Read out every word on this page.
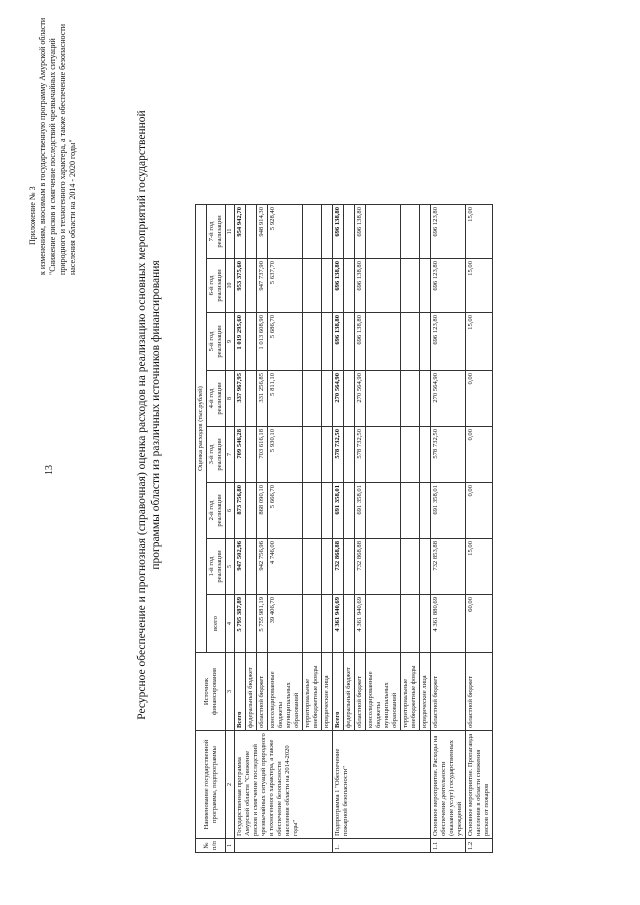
13
Приложение № 3 к изменениям, вносимым в государственную программу Амурской области "Снижение рисков и смягчение последствий чрезвычайных ситуаций природного и техногенного характера, а также обеспечение безопасности населения области на 2014 - 2020 годы"	Ресурсное обеспечение и прогнозная (справочная) оценка расходов на реализацию основных мероприятий государственной программы области из различных источников финансирования
№ п/п	Наименование государственной программы, подпрограммы	Источник финансирования	Оценка расходов (тыс.рублей)							
			всего	1-й год реализации	2-й год реализации	3-й год реализации	4-й год реализации	5-й год реализации	6-й год реализации	7-й год реализации
1	2	3	4	5	6	7	8	9	10	11
	Государственная программа Амурской области "Снижение рисков и смягчение последствий чрезвычайных ситуаций природного и техногенного характера, а также обеспечение безопасности населения области на 2014-2020 годы"	Всего	5 795 387,89	947 502,96	873 756,80	709 546,28	337 967,95	1 019 295,60	953 375,60	954 942,70
		федеральный бюджет								
		областной бюджет	5 755 981,19	942 756,96	868 090,10	703 616,18	331 256,85	1 013 608,90	947 737,90	948 914,30
		консолидированные бюджеты муниципальных образований	39 406,70	4 746,00	5 666,70	5 930,10	5 811,10	5 686,70	5 637,70	5 928,40
		территориальные внебюджетные фонды								
		юридические лица								
1.	Подпрограмма 1 "Обеспечение пожарной безопасности"	Всего	4 361 940,69	732 868,88	691 358,01	578 732,50	270 564,90	696 138,80	696 138,80	696 138,80
		федеральный бюджет								
		областной бюджет	4 361 940,69	732 868,88	691 358,01	578 732,50	270 564,90	696 138,80	696 138,80	696 138,80
		консолидированные бюджеты муниципальных образований								
		территориальные внебюджетные фонды								
		юридические лица								
1.1	Основное мероприятие. Расходы на обеспечение деятельности (оказание услуг) государственных учреждений	областной бюджет	4 361 880,69	732 853,88	691 358,01	578 732,50	270 564,90	696 123,80	696 123,80	696 123,80
1.2	Основное мероприятие. Пропаганда населения в области снижения рисков от пожаров	областной бюджет	60,00	15,00	0,00	0,00	0,00	15,00	15,00	15,00
